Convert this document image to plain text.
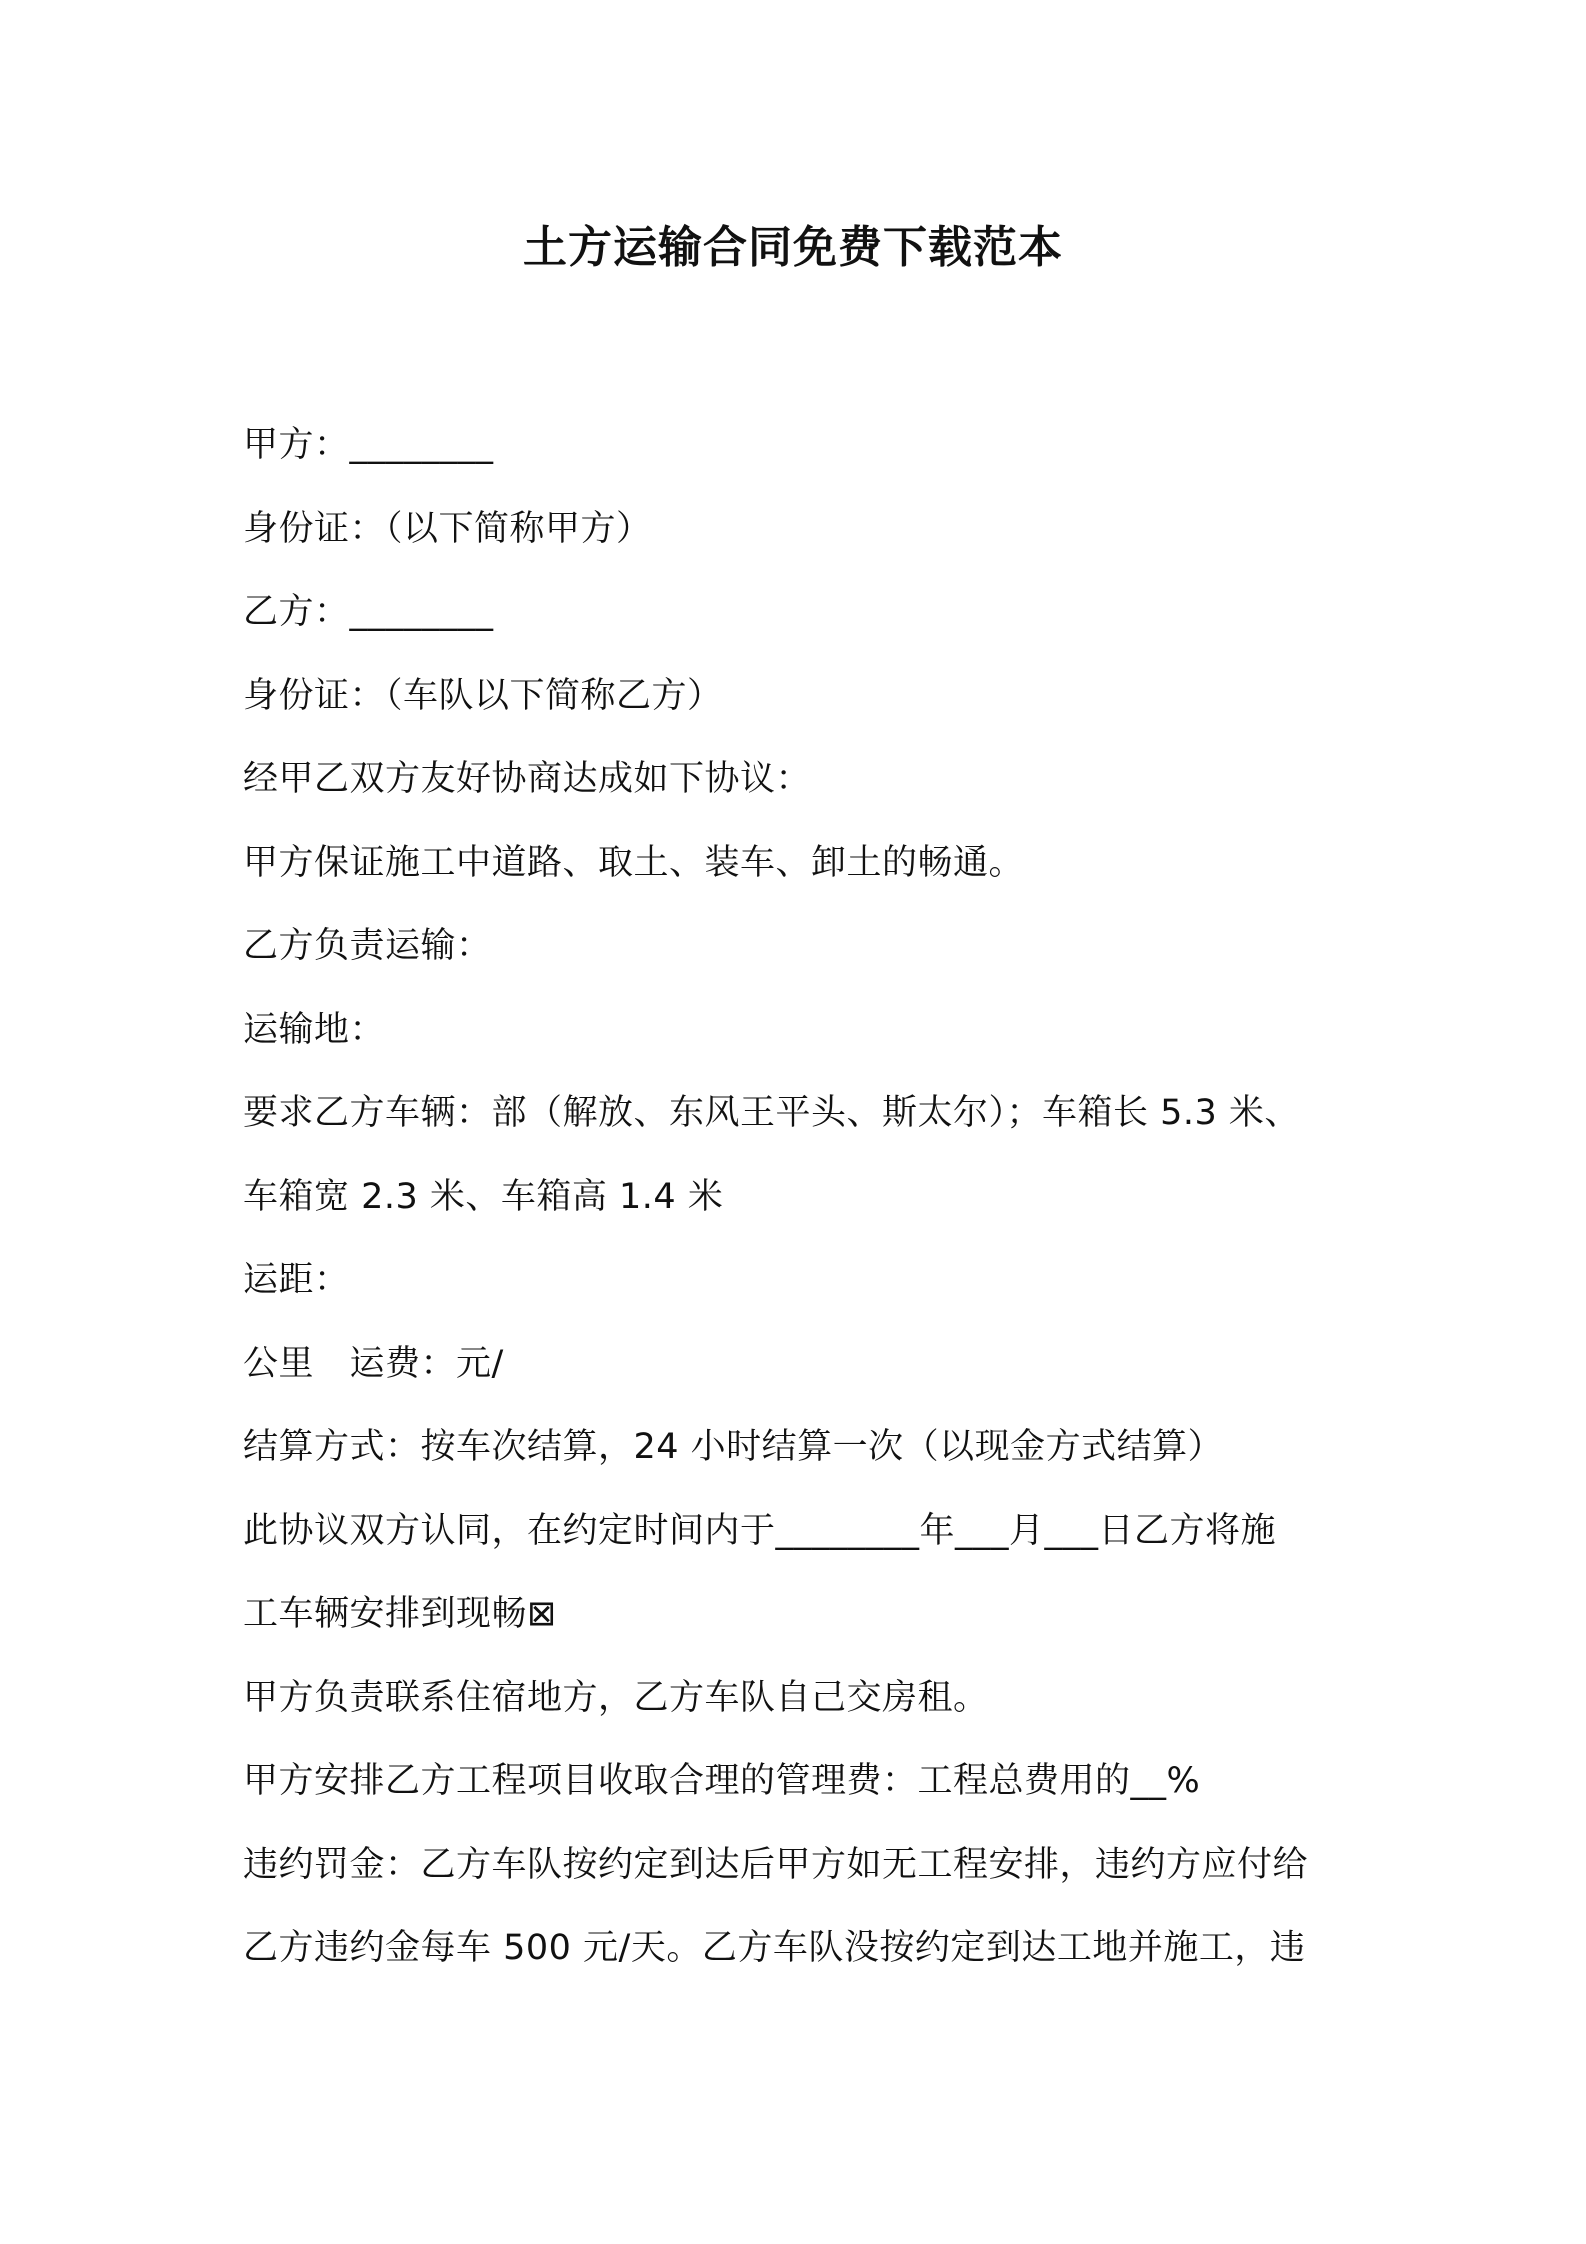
土方运输合同免费下载范本
甲方：________
身份证：（以下简称甲方）
乙方：________
身份证：（车队以下简称乙方）
经甲乙双方友好协商达成如下协议：
甲方保证施工中道路、取土、装车、卸土的畅通。
乙方负责运输：
运输地：
要求乙方车辆：部（解放、东风王平头、斯太尔）；车箱长 5.3 米、
车箱宽 2.3 米、车箱高 1.4 米
运距：
公里　运费：元/
结算方式：按车次结算，24 小时结算一次（以现金方式结算）
此协议双方认同，在约定时间内于________年___月___日乙方将施
工车辆安排到现畅⊠
甲方负责联系住宿地方，乙方车队自己交房租。
甲方安排乙方工程项目收取合理的管理费：工程总费用的__%
违约罚金：乙方车队按约定到达后甲方如无工程安排，违约方应付给
乙方违约金每车 500 元/天。乙方车队没按约定到达工地并施工，违
